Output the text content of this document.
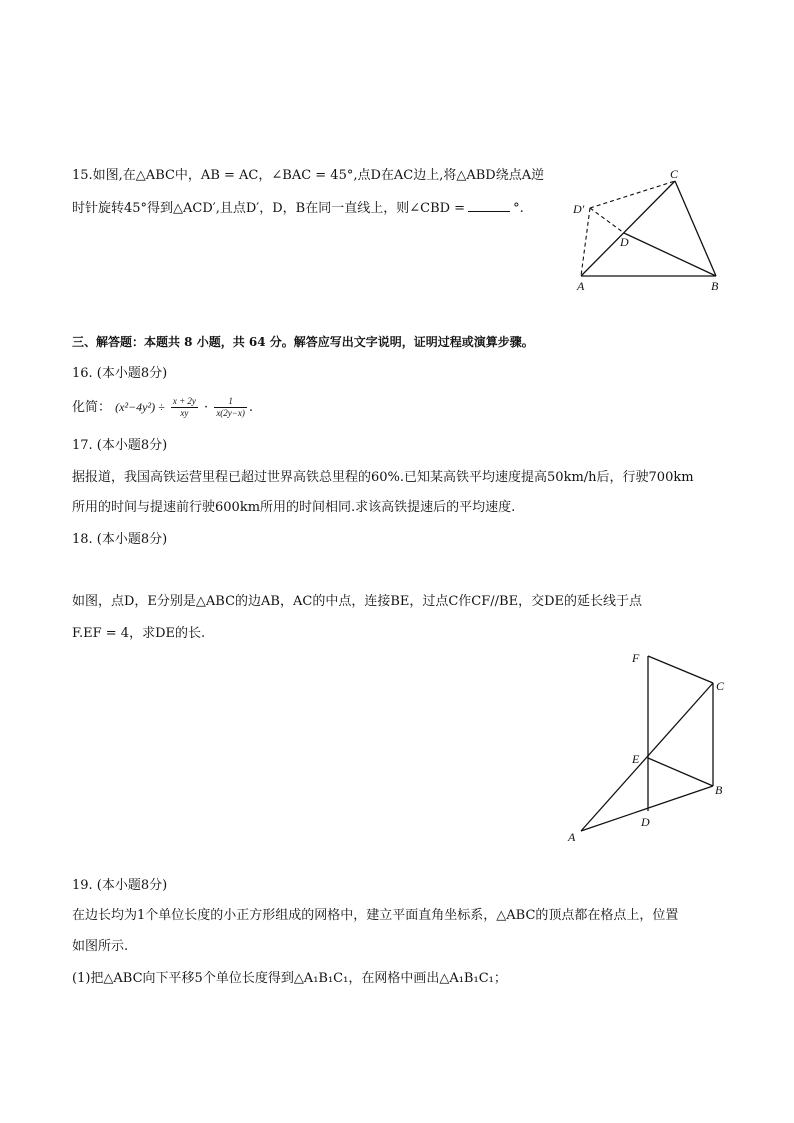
15.如图,在△ABC中，AB = AC，∠BAC = 45°,点D在AC边上,将△ABD绕点A逆
时针旋转45°得到△ACD′,且点D′，D，B在同一直线上，则∠CBD =	°.
C
D′
D
A	B
三、解答题：本题共 8 小题，共 64 分。解答应写出文字说明，证明过程或演算步骤。
16. (本小题8分)
化简： $(x^2-4y^2) \div \frac{x + 2y}{xy} \cdot \frac{1}{x(2y-x)}$ .
17. (本小题8分)
据报道，我国高铁运营里程已超过世界高铁总里程的60%.已知某高铁平均速度提高50km/h后，行驶700km
所用的时间与提速前行驶600km所用的时间相同.求该高铁提速后的平均速度.
18. (本小题8分)
如图，点D，E分别是△ABC的边AB，AC的中点，连接BE，过点C作CF//BE，交DE的延长线于点
F.EF = 4，求DE的长.
F
C
E
B
D
A
19. (本小题8分)
在边长均为1个单位长度的小正方形组成的网格中，建立平面直角坐标系，△ABC的顶点都在格点上，位置
如图所示.
(1)把△ABC向下平移5个单位长度得到△A₁B₁C₁，在网格中画出△A₁B₁C₁；
